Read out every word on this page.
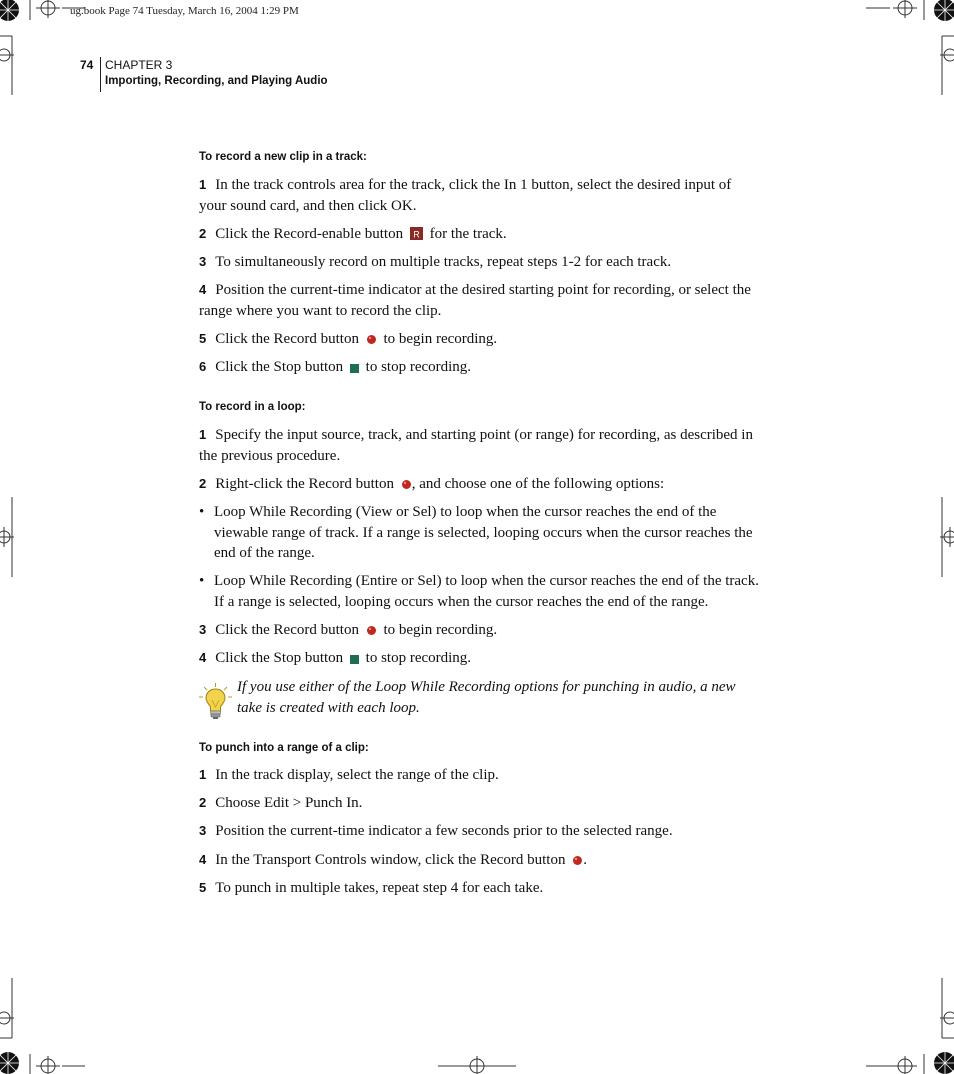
ug.book Page 74 Tuesday, March 16, 2004 1:29 PM
74 CHAPTER 3
Importing, Recording, and Playing Audio
To record a new clip in a track:
1 In the track controls area for the track, click the In 1 button, select the desired input of your sound card, and then click OK.
2 Click the Record-enable button R for the track.
3 To simultaneously record on multiple tracks, repeat steps 1-2 for each track.
4 Position the current-time indicator at the desired starting point for recording, or select the range where you want to record the clip.
5 Click the Record button to begin recording.
6 Click the Stop button to stop recording.
To record in a loop:
1 Specify the input source, track, and starting point (or range) for recording, as described in the previous procedure.
2 Right-click the Record button , and choose one of the following options:
• Loop While Recording (View or Sel) to loop when the cursor reaches the end of the viewable range of track. If a range is selected, looping occurs when the cursor reaches the end of the range.
• Loop While Recording (Entire or Sel) to loop when the cursor reaches the end of the track. If a range is selected, looping occurs when the cursor reaches the end of the range.
3 Click the Record button to begin recording.
4 Click the Stop button to stop recording.
If you use either of the Loop While Recording options for punching in audio, a new take is created with each loop.
To punch into a range of a clip:
1 In the track display, select the range of the clip.
2 Choose Edit > Punch In.
3 Position the current-time indicator a few seconds prior to the selected range.
4 In the Transport Controls window, click the Record button .
5 To punch in multiple takes, repeat step 4 for each take.
